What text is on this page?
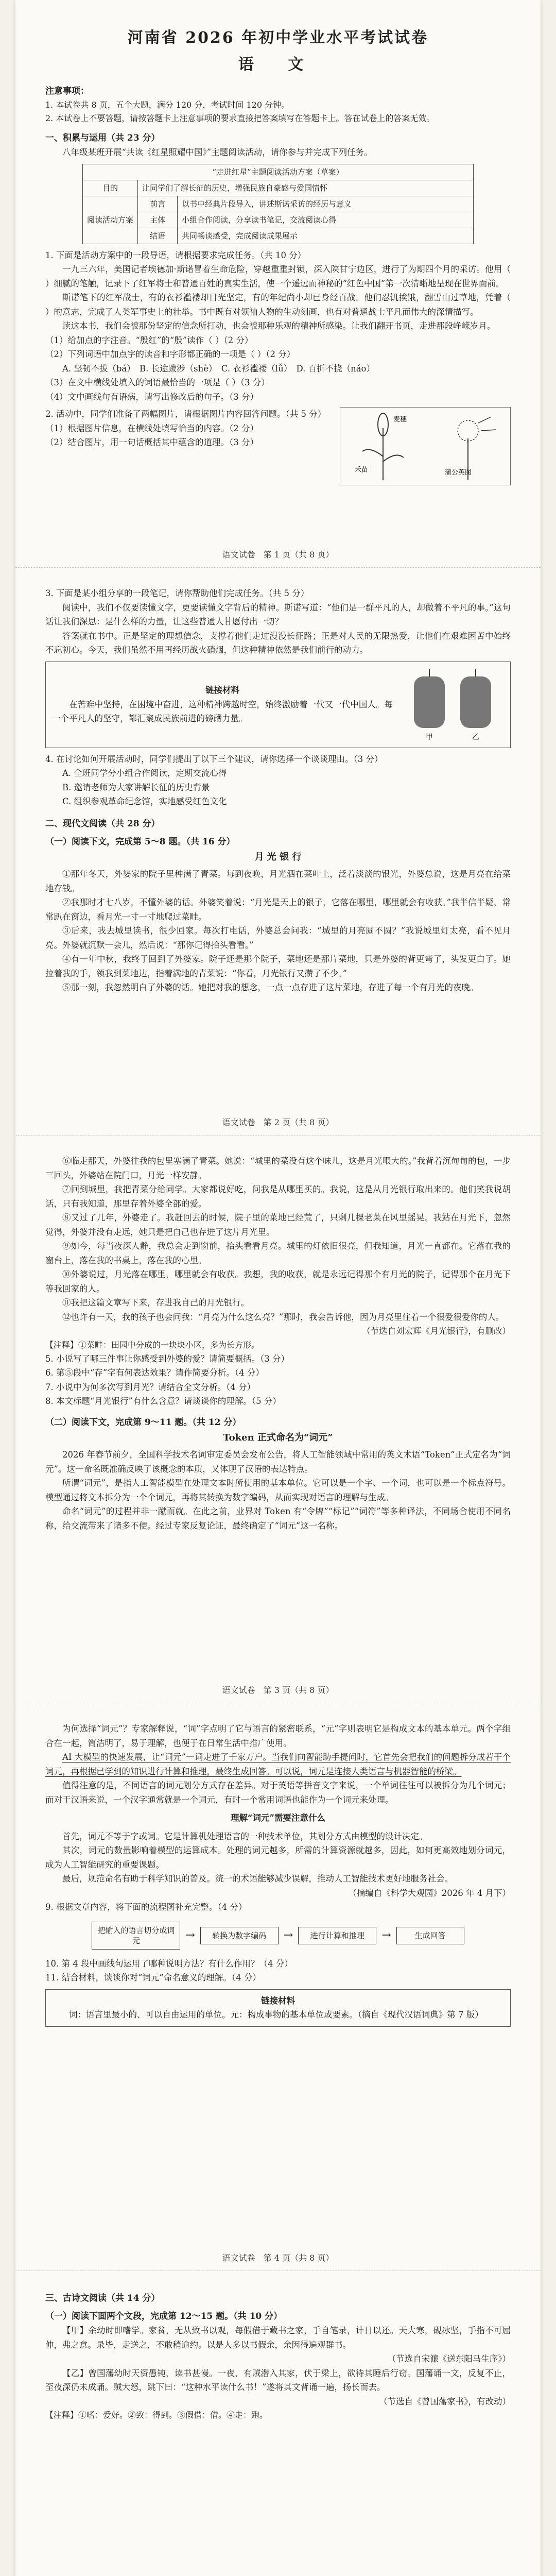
河南省 2026 年初中学业水平考试试卷
语 文

注意事项：

1. 本试卷共 8 页，五个大题，满分 120 分，考试时间 120 分钟。

2. 本试卷上不要答题，请按答题卡上注意事项的要求直接把答案填写在答题卡上。答在试卷上的答案无效。

一、积累与运用（共 23 分）

八年级某班开展“共读《红星照耀中国》”主题阅读活动，请你参与并完成下列任务。

“走进红星”主题阅读活动方案（草案）		
目的	让同学们了解长征的历史，增强民族自豪感与爱国情怀	
阅读活动方案	前言	以书中经典片段导入，讲述斯诺采访的经历与意义
	主体	小组合作阅读，分享读书笔记，交流阅读心得
	结语	共同畅谈感受，完成阅读成果展示

1. 下面是活动方案中的一段导语，请根据要求完成任务。（共 10 分）

一九三六年，美国记者埃德加·斯诺冒着生命危险，穿越重重封锁，深入陕甘宁边区，进行了为期四个月的采访。他用（ ）细腻的笔触，记录下了红军将士和普通百姓的真实生活，使一个遥远而神秘的“红色中国”第一次清晰地呈现在世界面前。

斯诺笔下的红军战士，有的衣衫褴褛却目光坚定，有的年纪尚小却已身经百战。他们忍饥挨饿，翻雪山过草地，凭着（ ）的意志，完成了人类军事史上的壮举。书中既有对领袖人物的生动刻画，也有对普通战士平凡而伟大的深情描写。

读这本书，我们会被那份坚定的信念所打动，也会被那种乐观的精神所感染。让我们翻开书页，走进那段峥嵘岁月。

（1）给加点的字注音。“殷红”的“殷”读作（ ）（2 分）

（2）下列词语中加点字的读音和字形都正确的一项是（ ）（2 分）

A. 坚韧不拔（bá）　B. 长途跋涉（shè）　C. 衣衫褴褛（lǚ）　D. 百折不挠（náo）

（3）在文中横线处填入的词语最恰当的一项是（ ）（3 分）

（4）文中画线句有语病，请写出修改后的句子。（3 分）

2. 活动中，同学们准备了两幅图片，请根据图片内容回答问题。（共 5 分）

（1）根据图片信息，在横线处填写恰当的内容。（2 分）

（2）结合图片，用一句话概括其中蕴含的道理。（3 分）

麦穗
禾苗	蒲公英图
语文试卷　第 1 页（共 8 页）

3. 下面是某小组分享的一段笔记，请你帮助他们完成任务。（共 5 分）

阅读中，我们不仅要读懂文字，更要读懂文字背后的精神。斯诺写道：“他们是一群平凡的人，却做着不平凡的事。”这句话让我们深思：是什么样的力量，让这些普通人甘愿付出一切？

答案就在书中。正是坚定的理想信念，支撑着他们走过漫漫长征路；正是对人民的无限热爱，让他们在艰难困苦中始终不忘初心。今天，我们虽然不用再经历战火硝烟，但这种精神依然是我们前行的动力。

链接材料

在苦难中坚持，在困境中奋进，这种精神跨越时空，始终激励着一代又一代中国人。每一个平凡人的坚守，都汇聚成民族前进的磅礴力量。

甲	乙

4. 在讨论如何开展活动时，同学们提出了以下三个建议，请你选择一个谈谈理由。（3 分）

A. 全班同学分小组合作阅读，定期交流心得

B. 邀请老师为大家讲解长征的历史背景

C. 组织参观革命纪念馆，实地感受红色文化

二、现代文阅读（共 28 分）

（一）阅读下文，完成第 5～8 题。（共 16 分）

月 光 银 行

①那年冬天，外婆家的院子里种满了青菜。每到夜晚，月光洒在菜叶上，泛着淡淡的银光，外婆总说，这是月亮在给菜地存钱。

②我那时才七八岁，不懂外婆的话。外婆笑着说：“月光是天上的银子，它落在哪里，哪里就会有收获。”我半信半疑，常常趴在窗边，看月光一寸一寸地爬过菜畦。

③后来，我去城里读书，很少回家。每次打电话，外婆总会问我：“城里的月亮圆不圆？”我说城里灯太亮，看不见月亮。外婆就沉默一会儿，然后说：“那你记得抬头看看。”

④有一年中秋，我终于回到了外婆家。院子还是那个院子，菜地还是那片菜地，只是外婆的背更弯了，头发更白了。她拉着我的手，领我到菜地边，指着满地的青菜说：“你看，月光银行又攒了不少。”

⑤那一刻，我忽然明白了外婆的话。她把对我的想念，一点一点存进了这片菜地，存进了每一个有月光的夜晚。

语文试卷　第 2 页（共 8 页）

⑥临走那天，外婆往我的包里塞满了青菜。她说：“城里的菜没有这个味儿，这是月光喂大的。”我背着沉甸甸的包，一步三回头，外婆站在院门口，月光一样安静。

⑦回到城里，我把青菜分给同学。大家都说好吃，问我是从哪里买的。我说，这是从月光银行取出来的。他们笑我说胡话，只有我知道，那里存着外婆全部的爱。

⑧又过了几年，外婆走了。我赶回去的时候，院子里的菜地已经荒了，只剩几棵老菜在风里摇晃。我站在月光下，忽然觉得，外婆并没有走远，她只是把自己也存进了这片月光里。

⑨如今，每当夜深人静，我总会走到窗前，抬头看看月亮。城里的灯依旧很亮，但我知道，月光一直都在。它落在我的窗台上，落在我的书桌上，落在我的心里。

⑩外婆说过，月光落在哪里，哪里就会有收获。我想，我的收获，就是永远记得那个有月光的院子，记得那个在月光下等我回家的人。

⑪我把这篇文章写下来，存进我自己的月光银行。

⑫也许有一天，我的孩子也会问我：“月亮为什么这么亮？”那时，我会告诉他，因为月亮里住着一个很爱很爱你的人。

（节选自刘宏辉《月光银行》，有删改）

【注释】①菜畦：田园中分成的一块块小区，多为长方形。

5. 小说写了哪三件事让你感受到外婆的爱？请简要概括。（3 分）

6. 第⑤段中“存”字有何表达效果？请作简要分析。（4 分）

7. 小说中为何多次写到月光？请结合全文分析。（4 分）

8. 本文标题“月光银行”有什么含意？请谈谈你的理解。（5 分）

（二）阅读下文，完成第 9～11 题。（共 12 分）

Token 正式命名为“词元”

2026 年春节前夕，全国科学技术名词审定委员会发布公告，将人工智能领域中常用的英文术语“Token”正式定名为“词元”。这一命名既准确反映了该概念的本质，又体现了汉语的表达特点。

所谓“词元”，是指人工智能模型在处理文本时所使用的基本单位。它可以是一个字、一个词，也可以是一个标点符号。模型通过将文本拆分为一个个词元，再将其转换为数字编码，从而实现对语言的理解与生成。

命名“词元”的过程并非一蹴而就。在此之前，业界对 Token 有“令牌”“标记”“词符”等多种译法，不同场合使用不同名称，给交流带来了诸多不便。经过专家反复论证，最终确定了“词元”这一名称。

语文试卷　第 3 页（共 8 页）

为何选择“词元”？专家解释说，“词”字点明了它与语言的紧密联系，“元”字则表明它是构成文本的基本单元。两个字组合在一起，简洁明了，易于理解，也便于在日常生活中推广使用。

AI 大模型的快速发展，让“词元”一词走进了千家万户。当我们向智能助手提问时，它首先会把我们的问题拆分成若干个词元，再根据已学到的知识进行计算和推理，最终生成回答。可以说，词元是连接人类语言与机器智能的桥梁。

值得注意的是，不同语言的词元划分方式存在差异。对于英语等拼音文字来说，一个单词往往可以被拆分为几个词元；而对于汉语来说，一个汉字通常就是一个词元，有时一个常用词语也能作为一个词元来处理。

理解“词元”需要注意什么

首先，词元不等于字或词。它是计算机处理语言的一种技术单位，其划分方式由模型的设计决定。

其次，词元的数量影响着模型的运算成本。处理的词元越多，所需的计算资源就越多，因此，如何更高效地划分词元，成为人工智能研究的重要课题。

最后，规范命名有助于科学知识的普及。统一的术语能够减少误解，推动人工智能技术更好地服务社会。

（摘编自《科学大观园》2026 年 4 月下）

9. 根据文章内容，将下面的流程图补充完整。（4 分）

把输入的语言切分成词元	→	转换为数字编码	→	进行计算和推理	→	生成回答

10. 第 4 段中画线句运用了哪种说明方法？有什么作用？（4 分）

11. 结合材料，谈谈你对“词元”命名意义的理解。（4 分）

链接材料

词：语言里最小的、可以自由运用的单位。元：构成事物的基本单位或要素。（摘自《现代汉语词典》第 7 版）

语文试卷　第 4 页（共 8 页）

三、古诗文阅读（共 14 分）

（一）阅读下面两个文段，完成第 12～15 题。（共 10 分）

【甲】余幼时即嗜学。家贫，无从致书以观，每假借于藏书之家，手自笔录，计日以还。天大寒，砚冰坚，手指不可屈伸，弗之怠。录毕，走送之，不敢稍逾约。以是人多以书假余，余因得遍观群书。

（节选自宋濂《送东阳马生序》）

【乙】曾国藩幼时天资愚钝，读书甚慢。一夜，有贼潜入其家，伏于梁上，欲待其睡后行窃。国藩诵一文，反复不止，至夜深仍未成诵。贼大怒，跳下曰：“这种水平读什么书！”遂将其文背诵一遍，扬长而去。

（节选自《曾国藩家书》，有改动）

【注释】①嗜：爱好。②致：得到。③假借：借。④走：跑。
